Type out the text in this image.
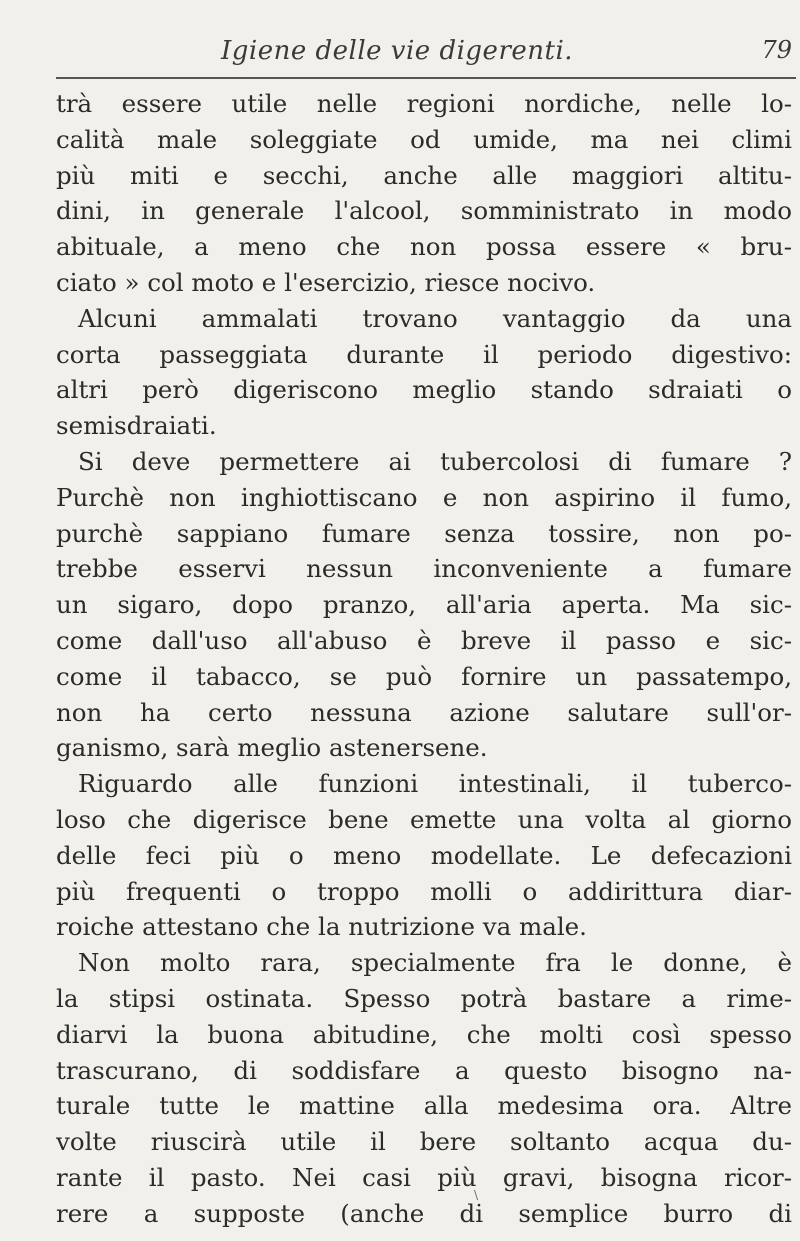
Igiene delle vie digerenti.	79
trà essere utile nelle regioni nordiche, nelle lo-
calità male soleggiate od umide, ma nei climi
più miti e secchi, anche alle maggiori altitu-
dini, in generale l'alcool, somministrato in modo
abituale, a meno che non possa essere « bru-
ciato » col moto e l'esercizio, riesce nocivo.
Alcuni ammalati trovano vantaggio da una
corta passeggiata durante il periodo digestivo:
altri però digeriscono meglio stando sdraiati o
semisdraiati.
Si deve permettere ai tubercolosi di fumare ?
Purchè non inghiottiscano e non aspirino il fumo,
purchè sappiano fumare senza tossire, non po-
trebbe esservi nessun inconveniente a fumare
un sigaro, dopo pranzo, all'aria aperta. Ma sic-
come dall'uso all'abuso è breve il passo e sic-
come il tabacco, se può fornire un passatempo,
non ha certo nessuna azione salutare sull'or-
ganismo, sarà meglio astenersene.
Riguardo alle funzioni intestinali, il tuberco-
loso che digerisce bene emette una volta al giorno
delle feci più o meno modellate. Le defecazioni
più frequenti o troppo molli o addirittura diar-
roiche attestano che la nutrizione va male.
Non molto rara, specialmente fra le donne, è
la stipsi ostinata. Spesso potrà bastare a rime-
diarvi la buona abitudine, che molti così spesso
trascurano, di soddisfare a questo bisogno na-
turale tutte le mattine alla medesima ora. Altre
volte riuscirà utile il bere soltanto acqua du-
rante il pasto. Nei casi più gravi, bisogna ricor-
rere a supposte (anche di semplice burro di
\
